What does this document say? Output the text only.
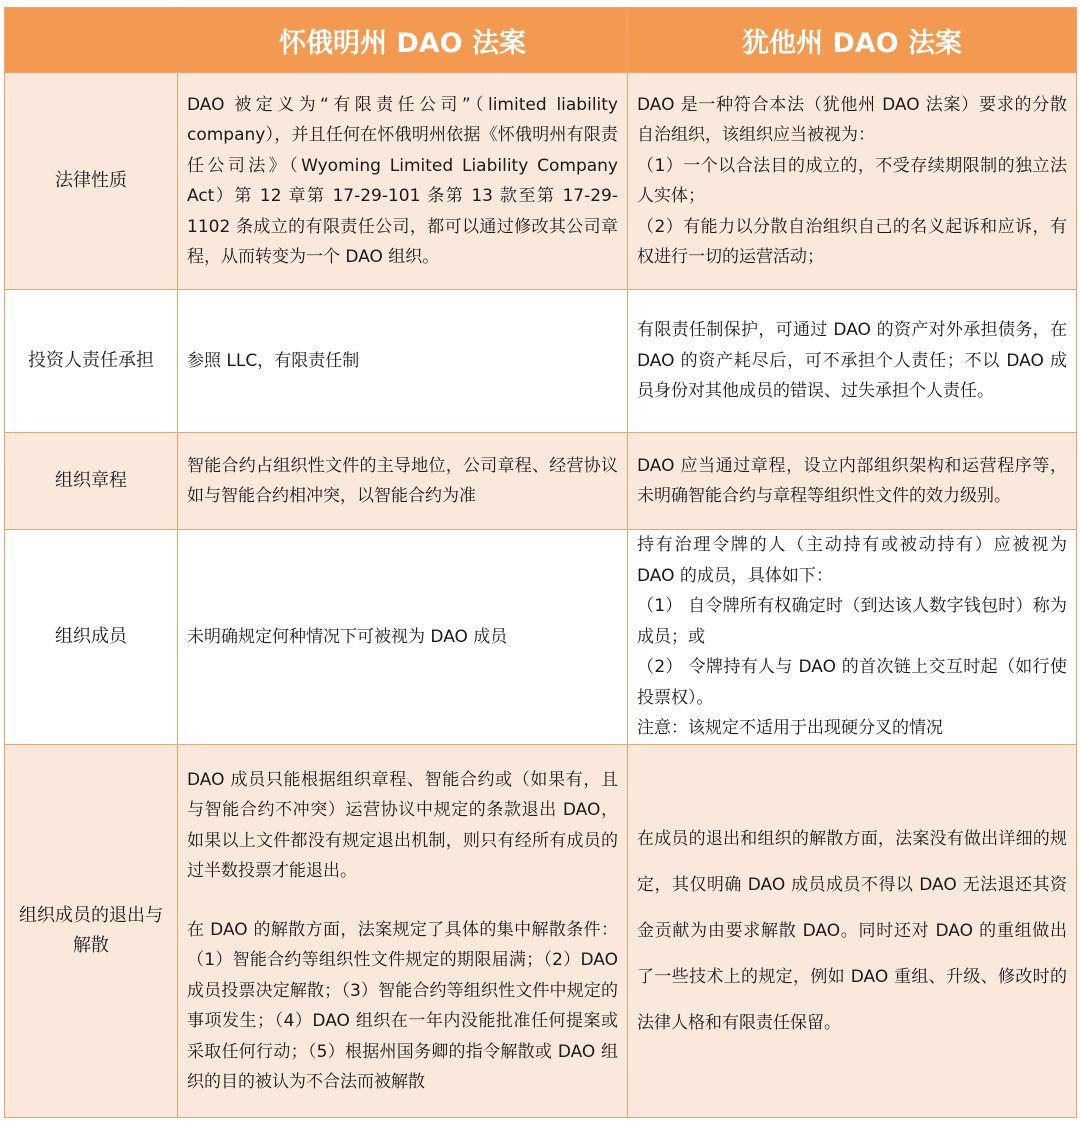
	怀俄明州 DAO 法案	犹他州 DAO 法案
法律性质	DAO 被定义为“有限责任公司”（limited liability company），并且任何在怀俄明州依据《怀俄明州有限责任公司法》（Wyoming Limited Liability Company Act）第 12 章第 17-29-101 条第 13 款至第 17-29-1102 条成立的有限责任公司，都可以通过修改其公司章程，从而转变为一个 DAO 组织。	DAO 是一种符合本法（犹他州 DAO 法案）要求的分散自治组织，该组织应当被视为：
（1）一个以合法目的成立的，不受存续期限制的独立法人实体；
（2）有能力以分散自治组织自己的名义起诉和应诉，有权进行一切的运营活动；

投资人责任承担	参照 LLC，有限责任制	有限责任制保护，可通过 DAO 的资产对外承担债务，在 DAO 的资产耗尽后，可不承担个人责任；不以 DAO 成员身份对其他成员的错误、过失承担个人责任。

组织章程	智能合约占组织性文件的主导地位，公司章程、经营协议如与智能合约相冲突，以智能合约为准	DAO 应当通过章程，设立内部组织架构和运营程序等，未明确智能合约与章程等组织性文件的效力级别。

组织成员	未明确规定何种情况下可被视为 DAO 成员	持有治理令牌的人（主动持有或被动持有）应被视为 DAO 的成员，具体如下：
（1） 自令牌所有权确定时（到达该人数字钱包时）称为成员；或
（2） 令牌持有人与 DAO 的首次链上交互时起（如行使投票权）。
注意：该规定不适用于出现硬分叉的情况

组织成员的退出与解散	DAO 成员只能根据组织章程、智能合约或（如果有，且与智能合约不冲突）运营协议中规定的条款退出 DAO，如果以上文件都没有规定退出机制，则只有经所有成员的过半数投票才能退出。
在 DAO 的解散方面，法案规定了具体的集中解散条件：（1）智能合约等组织性文件规定的期限届满；（2）DAO 成员投票决定解散；（3）智能合约等组织性文件中规定的事项发生；（4）DAO 组织在一年内没能批准任何提案或采取任何行动；（5）根据州国务卿的指令解散或 DAO 组织的目的被认为不合法而被解散	在成员的退出和组织的解散方面，法案没有做出详细的规定，其仅明确 DAO 成员成员不得以 DAO 无法退还其资金贡献为由要求解散 DAO。同时还对 DAO 的重组做出了一些技术上的规定，例如 DAO 重组、升级、修改时的法律人格和有限责任保留。
